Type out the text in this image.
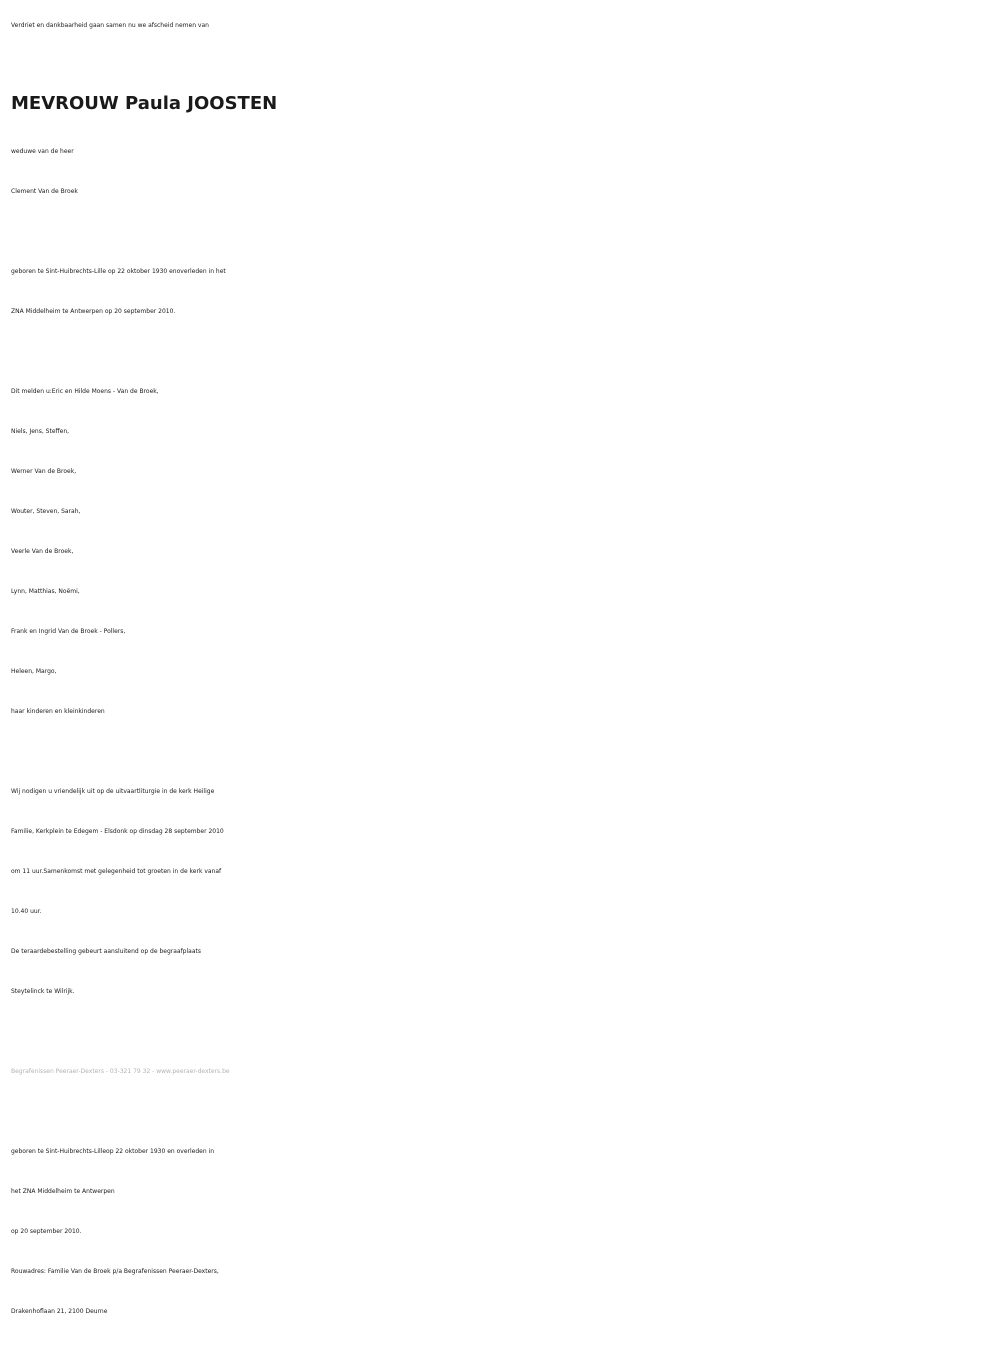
Verdriet en dankbaarheid gaan samen nu we afscheid nemen van
MEVROUW Paula JOOSTEN
weduwe van de heer
Clement Van de Broek
geboren te Sint-Huibrechts-Lille op 22 oktober 1930 enoverleden in het
ZNA Middelheim te Antwerpen op 20 september 2010.
Dit melden u:Eric en Hilde Moens - Van de Broek,
Niels, Jens, Steffen,
Werner Van de Broek,
Wouter, Steven, Sarah,
Veerle Van de Broek,
Lynn, Matthias, Noëmi,
Frank en Ingrid Van de Broek - Pollers,
Heleen, Margo,
haar kinderen en kleinkinderen
Wij nodigen u vriendelijk uit op de uitvaartliturgie in de kerk Heilige
Familie, Kerkplein te Edegem - Elsdonk op dinsdag 28 september 2010
om 11 uur.Samenkomst met gelegenheid tot groeten in de kerk vanaf
10.40 uur.
De teraardebestelling gebeurt aansluitend op de begraafplaats
Steytelinck te Wilrijk.
Begrafenissen Peeraer-Dexters - 03-321 79 32 - www.peeraer-dexters.be
geboren te Sint-Huibrechts-Lilleop 22 oktober 1930 en overleden in
het ZNA Middelheim te Antwerpen
op 20 september 2010.
Rouwadres: Familie Van de Broek p/a Begrafenissen Peeraer-Dexters,
Drakenhoflaan 21, 2100 Deurne
